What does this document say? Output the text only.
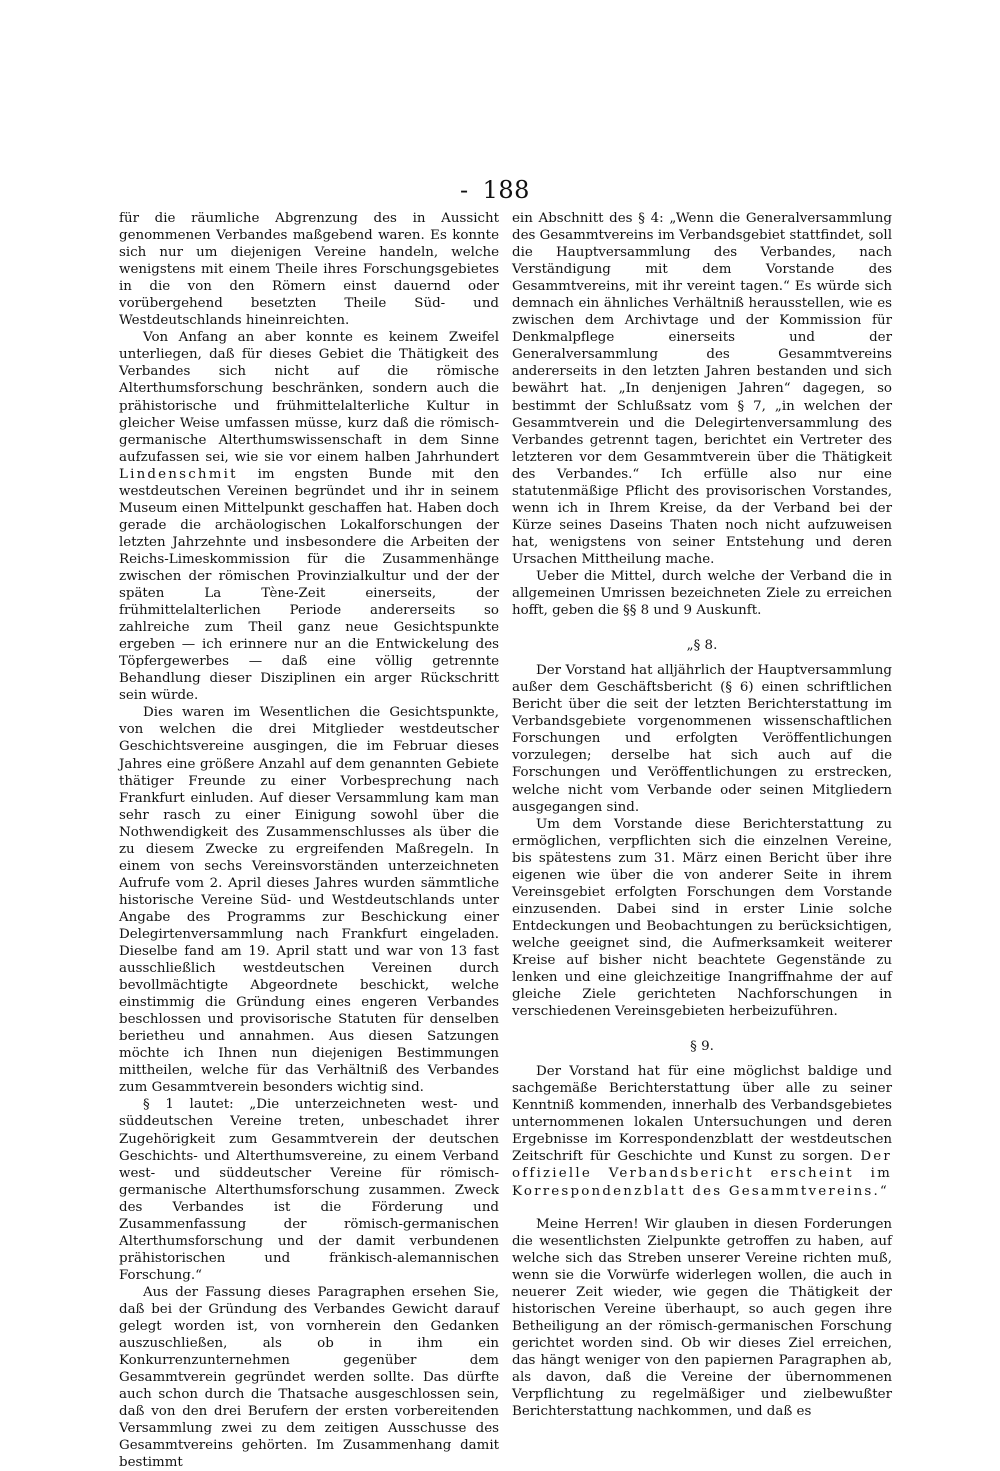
- 188

für die räumliche Abgrenzung des in Aussicht genommenen Verbandes maßgebend waren. Es konnte sich nur um diejenigen Vereine handeln, welche wenigstens mit einem Theile ihres Forschungsgebietes in die von den Römern einst dauernd oder vorübergehend besetzten Theile Süd- und Westdeutschlands hineinreichten.

Von Anfang an aber konnte es keinem Zweifel unterliegen, daß für dieses Gebiet die Thätigkeit des Verbandes sich nicht auf die römische Alterthumsforschung beschränken, sondern auch die prähistorische und frühmittelalterliche Kultur in gleicher Weise umfassen müsse, kurz daß die römisch-germanische Alterthumswissenschaft in dem Sinne aufzufassen sei, wie sie vor einem halben Jahrhundert Lindenschmit im engsten Bunde mit den westdeutschen Vereinen begründet und ihr in seinem Museum einen Mittelpunkt geschaffen hat. Haben doch gerade die archäologischen Lokalforschungen der letzten Jahrzehnte und insbesondere die Arbeiten der Reichs-Limeskommission für die Zusammenhänge zwischen der römischen Provinzialkultur und der der späten La Tène-Zeit einerseits, der frühmittelalterlichen Periode andererseits so zahlreiche zum Theil ganz neue Gesichtspunkte ergeben — ich erinnere nur an die Entwickelung des Töpfergewerbes — daß eine völlig getrennte Behandlung dieser Disziplinen ein arger Rückschritt sein würde.

Dies waren im Wesentlichen die Gesichtspunkte, von welchen die drei Mitglieder westdeutscher Geschichtsvereine ausgingen, die im Februar dieses Jahres eine größere Anzahl auf dem genannten Gebiete thätiger Freunde zu einer Vorbesprechung nach Frankfurt einluden. Auf dieser Versammlung kam man sehr rasch zu einer Einigung sowohl über die Nothwendigkeit des Zusammenschlusses als über die zu diesem Zwecke zu ergreifenden Maßregeln. In einem von sechs Vereinsvorständen unterzeichneten Aufrufe vom 2. April dieses Jahres wurden sämmtliche historische Vereine Süd- und Westdeutschlands unter Angabe des Programms zur Beschickung einer Delegirtenversammlung nach Frankfurt eingeladen. Dieselbe fand am 19. April statt und war von 13 fast ausschließlich westdeutschen Vereinen durch bevollmächtigte Abgeordnete beschickt, welche einstimmig die Gründung eines engeren Verbandes beschlossen und provisorische Statuten für denselben berietheu und annahmen. Aus diesen Satzungen möchte ich Ihnen nun diejenigen Bestimmungen mittheilen, welche für das Verhältniß des Verbandes zum Gesammtverein besonders wichtig sind.

§ 1 lautet: „Die unterzeichneten west- und süddeutschen Vereine treten, unbeschadet ihrer Zugehörigkeit zum Gesammtverein der deutschen Geschichts- und Alterthumsvereine, zu einem Verband west- und süddeutscher Vereine für römisch-germanische Alterthumsforschung zusammen. Zweck des Verbandes ist die Förderung und Zusammenfassung der römisch-germanischen Alterthumsforschung und der damit verbundenen prähistorischen und fränkisch-alemannischen Forschung.“

Aus der Fassung dieses Paragraphen ersehen Sie, daß bei der Gründung des Verbandes Gewicht darauf gelegt worden ist, von vornherein den Gedanken auszuschließen, als ob in ihm ein Konkurrenzunternehmen gegenüber dem Gesammtverein gegründet werden sollte. Das dürfte auch schon durch die Thatsache ausgeschlossen sein, daß von den drei Berufern der ersten vorbereitenden Versammlung zwei zu dem zeitigen Ausschusse des Gesammtvereins gehörten. Im Zusammenhang damit bestimmt

ein Abschnitt des § 4: „Wenn die Generalversammlung des Gesammtvereins im Verbandsgebiet stattfindet, soll die Hauptversammlung des Verbandes, nach Verständigung mit dem Vorstande des Gesammtvereins, mit ihr vereint tagen.“ Es würde sich demnach ein ähnliches Verhältniß herausstellen, wie es zwischen dem Archivtage und der Kommission für Denkmalpflege einerseits und der Generalversammlung des Gesammtvereins andererseits in den letzten Jahren bestanden und sich bewährt hat. „In denjenigen Jahren“ dagegen, so bestimmt der Schlußsatz vom § 7, „in welchen der Gesammtverein und die Delegirtenversammlung des Verbandes getrennt tagen, berichtet ein Vertreter des letzteren vor dem Gesammtverein über die Thätigkeit des Verbandes.“ Ich erfülle also nur eine statutenmäßige Pflicht des provisorischen Vorstandes, wenn ich in Ihrem Kreise, da der Verband bei der Kürze seines Daseins Thaten noch nicht aufzuweisen hat, wenigstens von seiner Entstehung und deren Ursachen Mittheilung mache.

Ueber die Mittel, durch welche der Verband die in allgemeinen Umrissen bezeichneten Ziele zu erreichen hofft, geben die §§ 8 und 9 Auskunft.

„§ 8.

Der Vorstand hat alljährlich der Hauptversammlung außer dem Geschäftsbericht (§ 6) einen schriftlichen Bericht über die seit der letzten Berichterstattung im Verbandsgebiete vorgenommenen wissenschaftlichen Forschungen und erfolgten Veröffentlichungen vorzulegen; derselbe hat sich auch auf die Forschungen und Veröffentlichungen zu erstrecken, welche nicht vom Verbande oder seinen Mitgliedern ausgegangen sind.

Um dem Vorstande diese Berichterstattung zu ermöglichen, verpflichten sich die einzelnen Vereine, bis spätestens zum 31. März einen Bericht über ihre eigenen wie über die von anderer Seite in ihrem Vereinsgebiet erfolgten Forschungen dem Vorstande einzusenden. Dabei sind in erster Linie solche Entdeckungen und Beobachtungen zu berücksichtigen, welche geeignet sind, die Aufmerksamkeit weiterer Kreise auf bisher nicht beachtete Gegenstände zu lenken und eine gleichzeitige Inangriffnahme der auf gleiche Ziele gerichteten Nachforschungen in verschiedenen Vereinsgebieten herbeizuführen.

§ 9.

Der Vorstand hat für eine möglichst baldige und sachgemäße Berichterstattung über alle zu seiner Kenntniß kommenden, innerhalb des Verbandsgebietes unternommenen lokalen Untersuchungen und deren Ergebnisse im Korrespondenzblatt der westdeutschen Zeitschrift für Geschichte und Kunst zu sorgen. Der offizielle Verbandsbericht erscheint im Korrespondenzblatt des Gesammtvereins.“

Meine Herren! Wir glauben in diesen Forderungen die wesentlichsten Zielpunkte getroffen zu haben, auf welche sich das Streben unserer Vereine richten muß, wenn sie die Vorwürfe widerlegen wollen, die auch in neuerer Zeit wieder, wie gegen die Thätigkeit der historischen Vereine überhaupt, so auch gegen ihre Betheiligung an der römisch-germanischen Forschung gerichtet worden sind. Ob wir dieses Ziel erreichen, das hängt weniger von den papiernen Paragraphen ab, als davon, daß die Vereine der übernommenen Verpflichtung zu regelmäßiger und zielbewußter Berichterstattung nachkommen, und daß es
